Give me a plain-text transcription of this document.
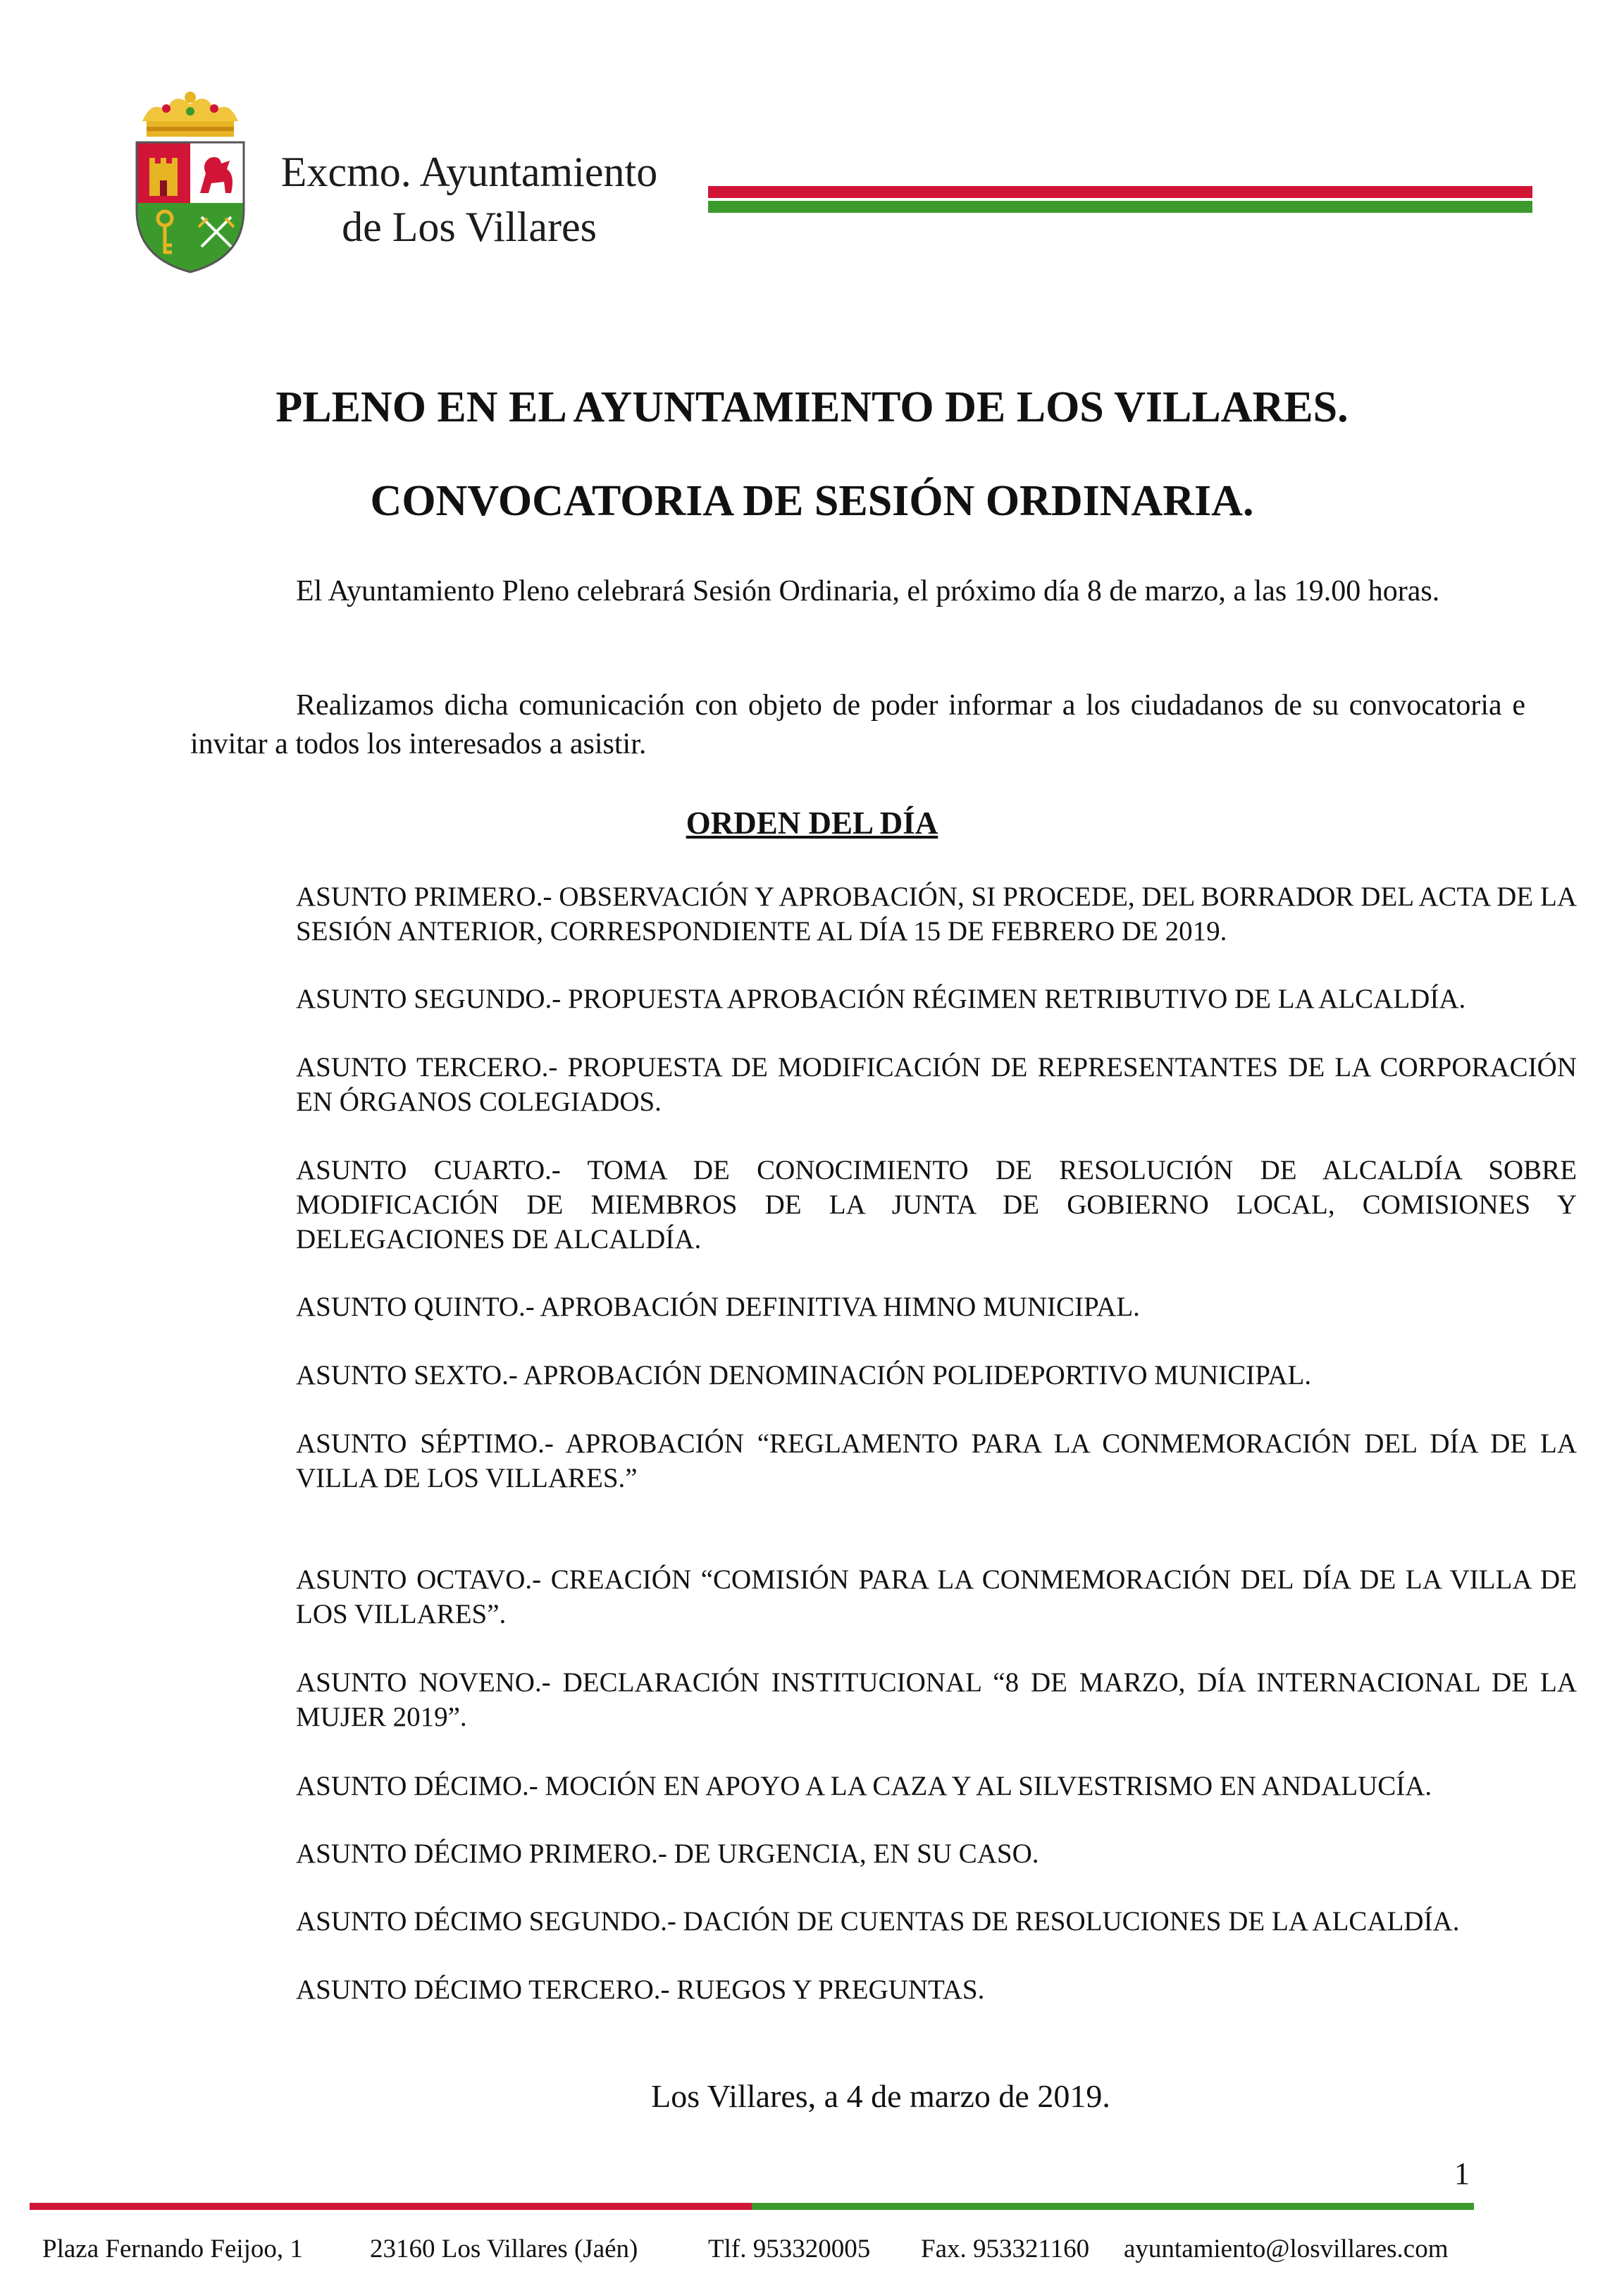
Excmo. Ayuntamiento
de Los Villares
PLENO EN EL AYUNTAMIENTO DE LOS VILLARES.
CONVOCATORIA DE SESIÓN ORDINARIA.

El Ayuntamiento Pleno celebrará Sesión Ordinaria, el próximo día 8 de marzo, a las 19.00 horas.

Realizamos dicha comunicación con objeto de poder informar a los ciudadanos de su convocatoria e invitar a todos los interesados a asistir.

ORDEN DEL DÍA

ASUNTO PRIMERO.- OBSERVACIÓN Y APROBACIÓN, SI PROCEDE, DEL BORRADOR DEL ACTA DE LA SESIÓN ANTERIOR, CORRESPONDIENTE AL DÍA 15 DE FEBRERO DE 2019.

ASUNTO SEGUNDO.- PROPUESTA APROBACIÓN RÉGIMEN RETRIBUTIVO DE LA ALCALDÍA.

ASUNTO TERCERO.- PROPUESTA DE MODIFICACIÓN DE REPRESENTANTES DE LA CORPORACIÓN EN ÓRGANOS COLEGIADOS.

ASUNTO CUARTO.- TOMA DE CONOCIMIENTO DE RESOLUCIÓN DE ALCALDÍA SOBRE MODIFICACIÓN DE MIEMBROS DE LA JUNTA DE GOBIERNO LOCAL, COMISIONES Y DELEGACIONES DE ALCALDÍA.

ASUNTO QUINTO.- APROBACIÓN DEFINITIVA HIMNO MUNICIPAL.

ASUNTO SEXTO.- APROBACIÓN DENOMINACIÓN POLIDEPORTIVO MUNICIPAL.

ASUNTO SÉPTIMO.- APROBACIÓN “REGLAMENTO PARA LA CONMEMORACIÓN DEL DÍA DE LA VILLA DE LOS VILLARES.”

ASUNTO OCTAVO.- CREACIÓN “COMISIÓN PARA LA CONMEMORACIÓN DEL DÍA DE LA VILLA DE LOS VILLARES”.

ASUNTO NOVENO.- DECLARACIÓN INSTITUCIONAL “8 DE MARZO, DÍA INTERNACIONAL DE LA MUJER 2019”.

ASUNTO DÉCIMO.- MOCIÓN EN APOYO A LA CAZA Y AL SILVESTRISMO EN ANDALUCÍA.

ASUNTO DÉCIMO PRIMERO.- DE URGENCIA, EN SU CASO.

ASUNTO DÉCIMO SEGUNDO.- DACIÓN DE CUENTAS DE RESOLUCIONES DE LA ALCALDÍA.

ASUNTO DÉCIMO TERCERO.- RUEGOS Y PREGUNTAS.

Los Villares, a 4 de marzo de 2019.

1
Plaza Fernando Feijoo, 1	23160 Los Villares (Jaén)	Tlf. 953320005 Fax. 953321160 ayuntamiento@losvillares.com
